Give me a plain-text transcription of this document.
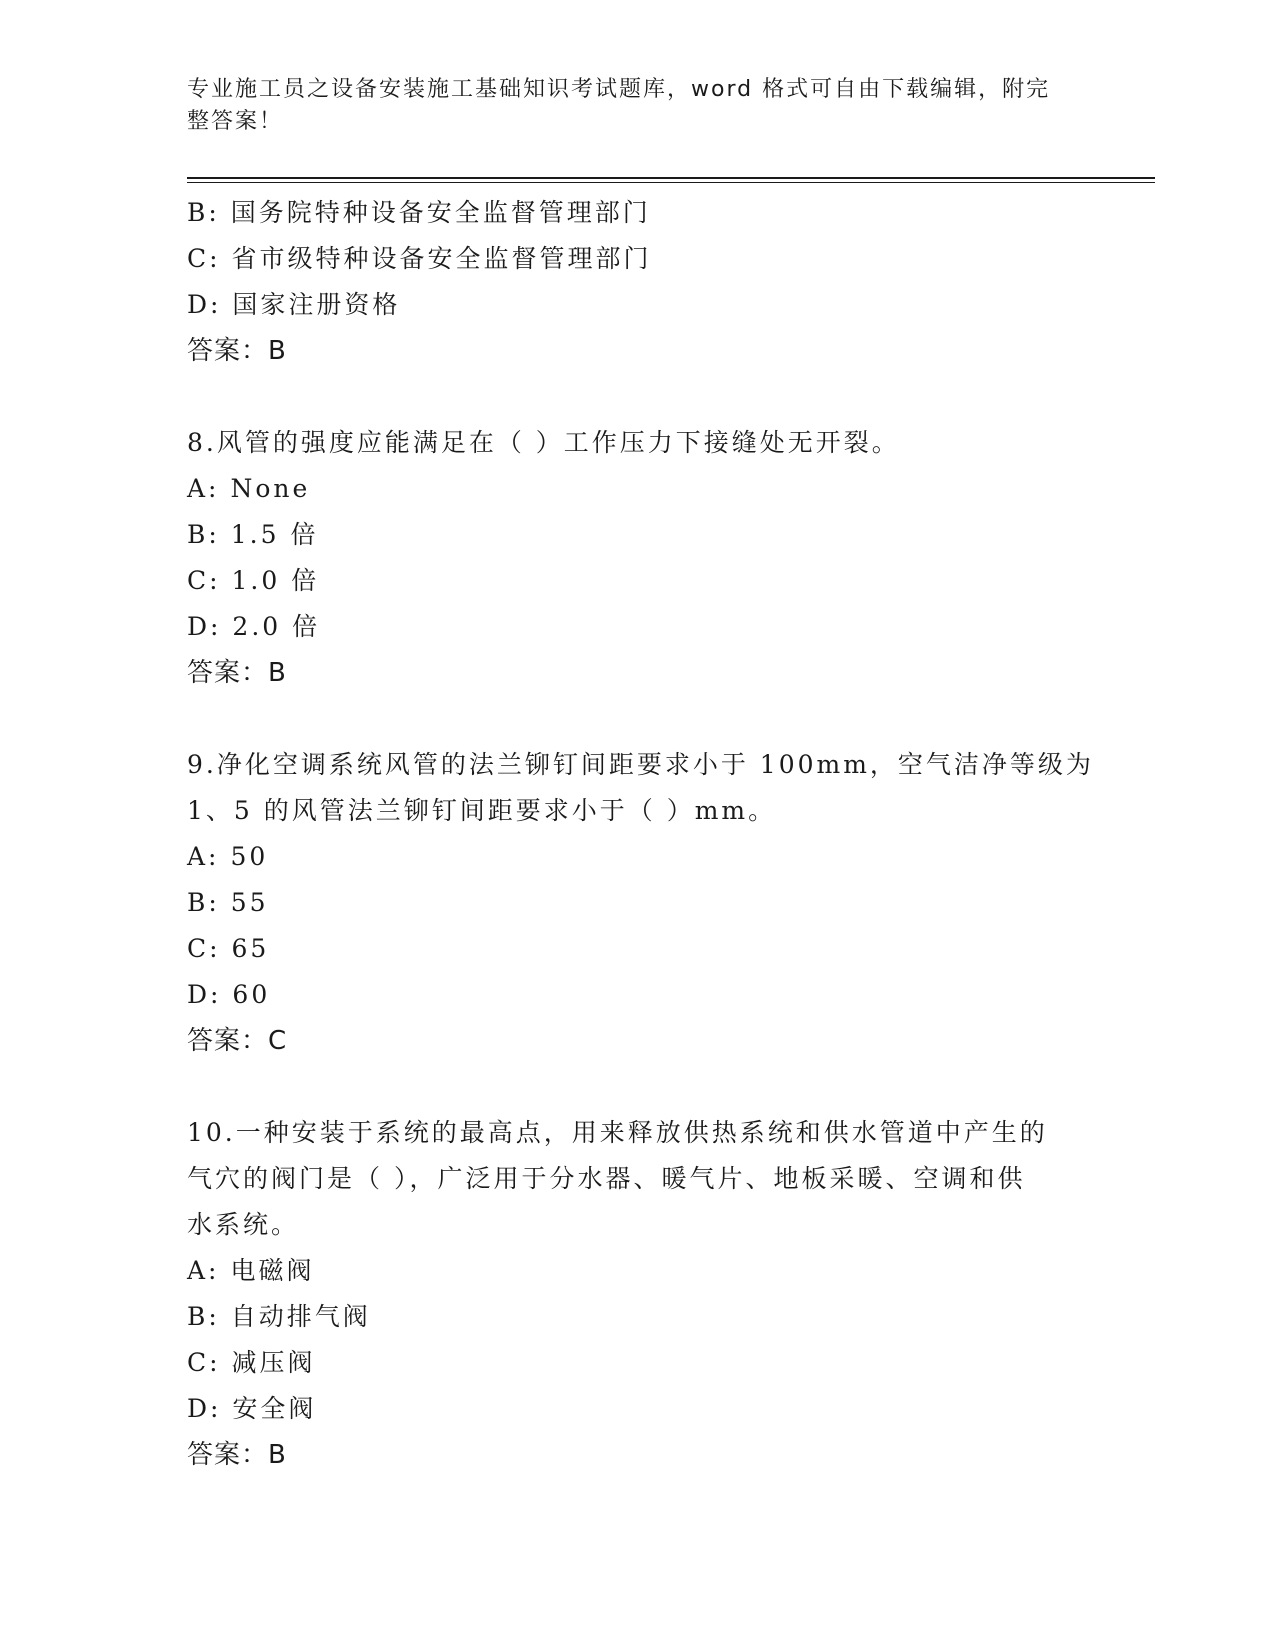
专业施工员之设备安装施工基础知识考试题库，word 格式可自由下载编辑，附完
整答案！
B: 国务院特种设备安全监督管理部门
C: 省市级特种设备安全监督管理部门
D: 国家注册资格
答案：B
8.风管的强度应能满足在（ ）工作压力下接缝处无开裂。
A: None
B: 1.5 倍
C: 1.0 倍
D: 2.0 倍
答案：B
9.净化空调系统风管的法兰铆钉间距要求小于 100mm，空气洁净等级为
1、5 的风管法兰铆钉间距要求小于（ ）mm。
A: 50
B: 55
C: 65
D: 60
答案：C
10.一种安装于系统的最高点，用来释放供热系统和供水管道中产生的
气穴的阀门是（ ），广泛用于分水器、暖气片、地板采暖、空调和供
水系统。
A: 电磁阀
B: 自动排气阀
C: 减压阀
D: 安全阀
答案：B
